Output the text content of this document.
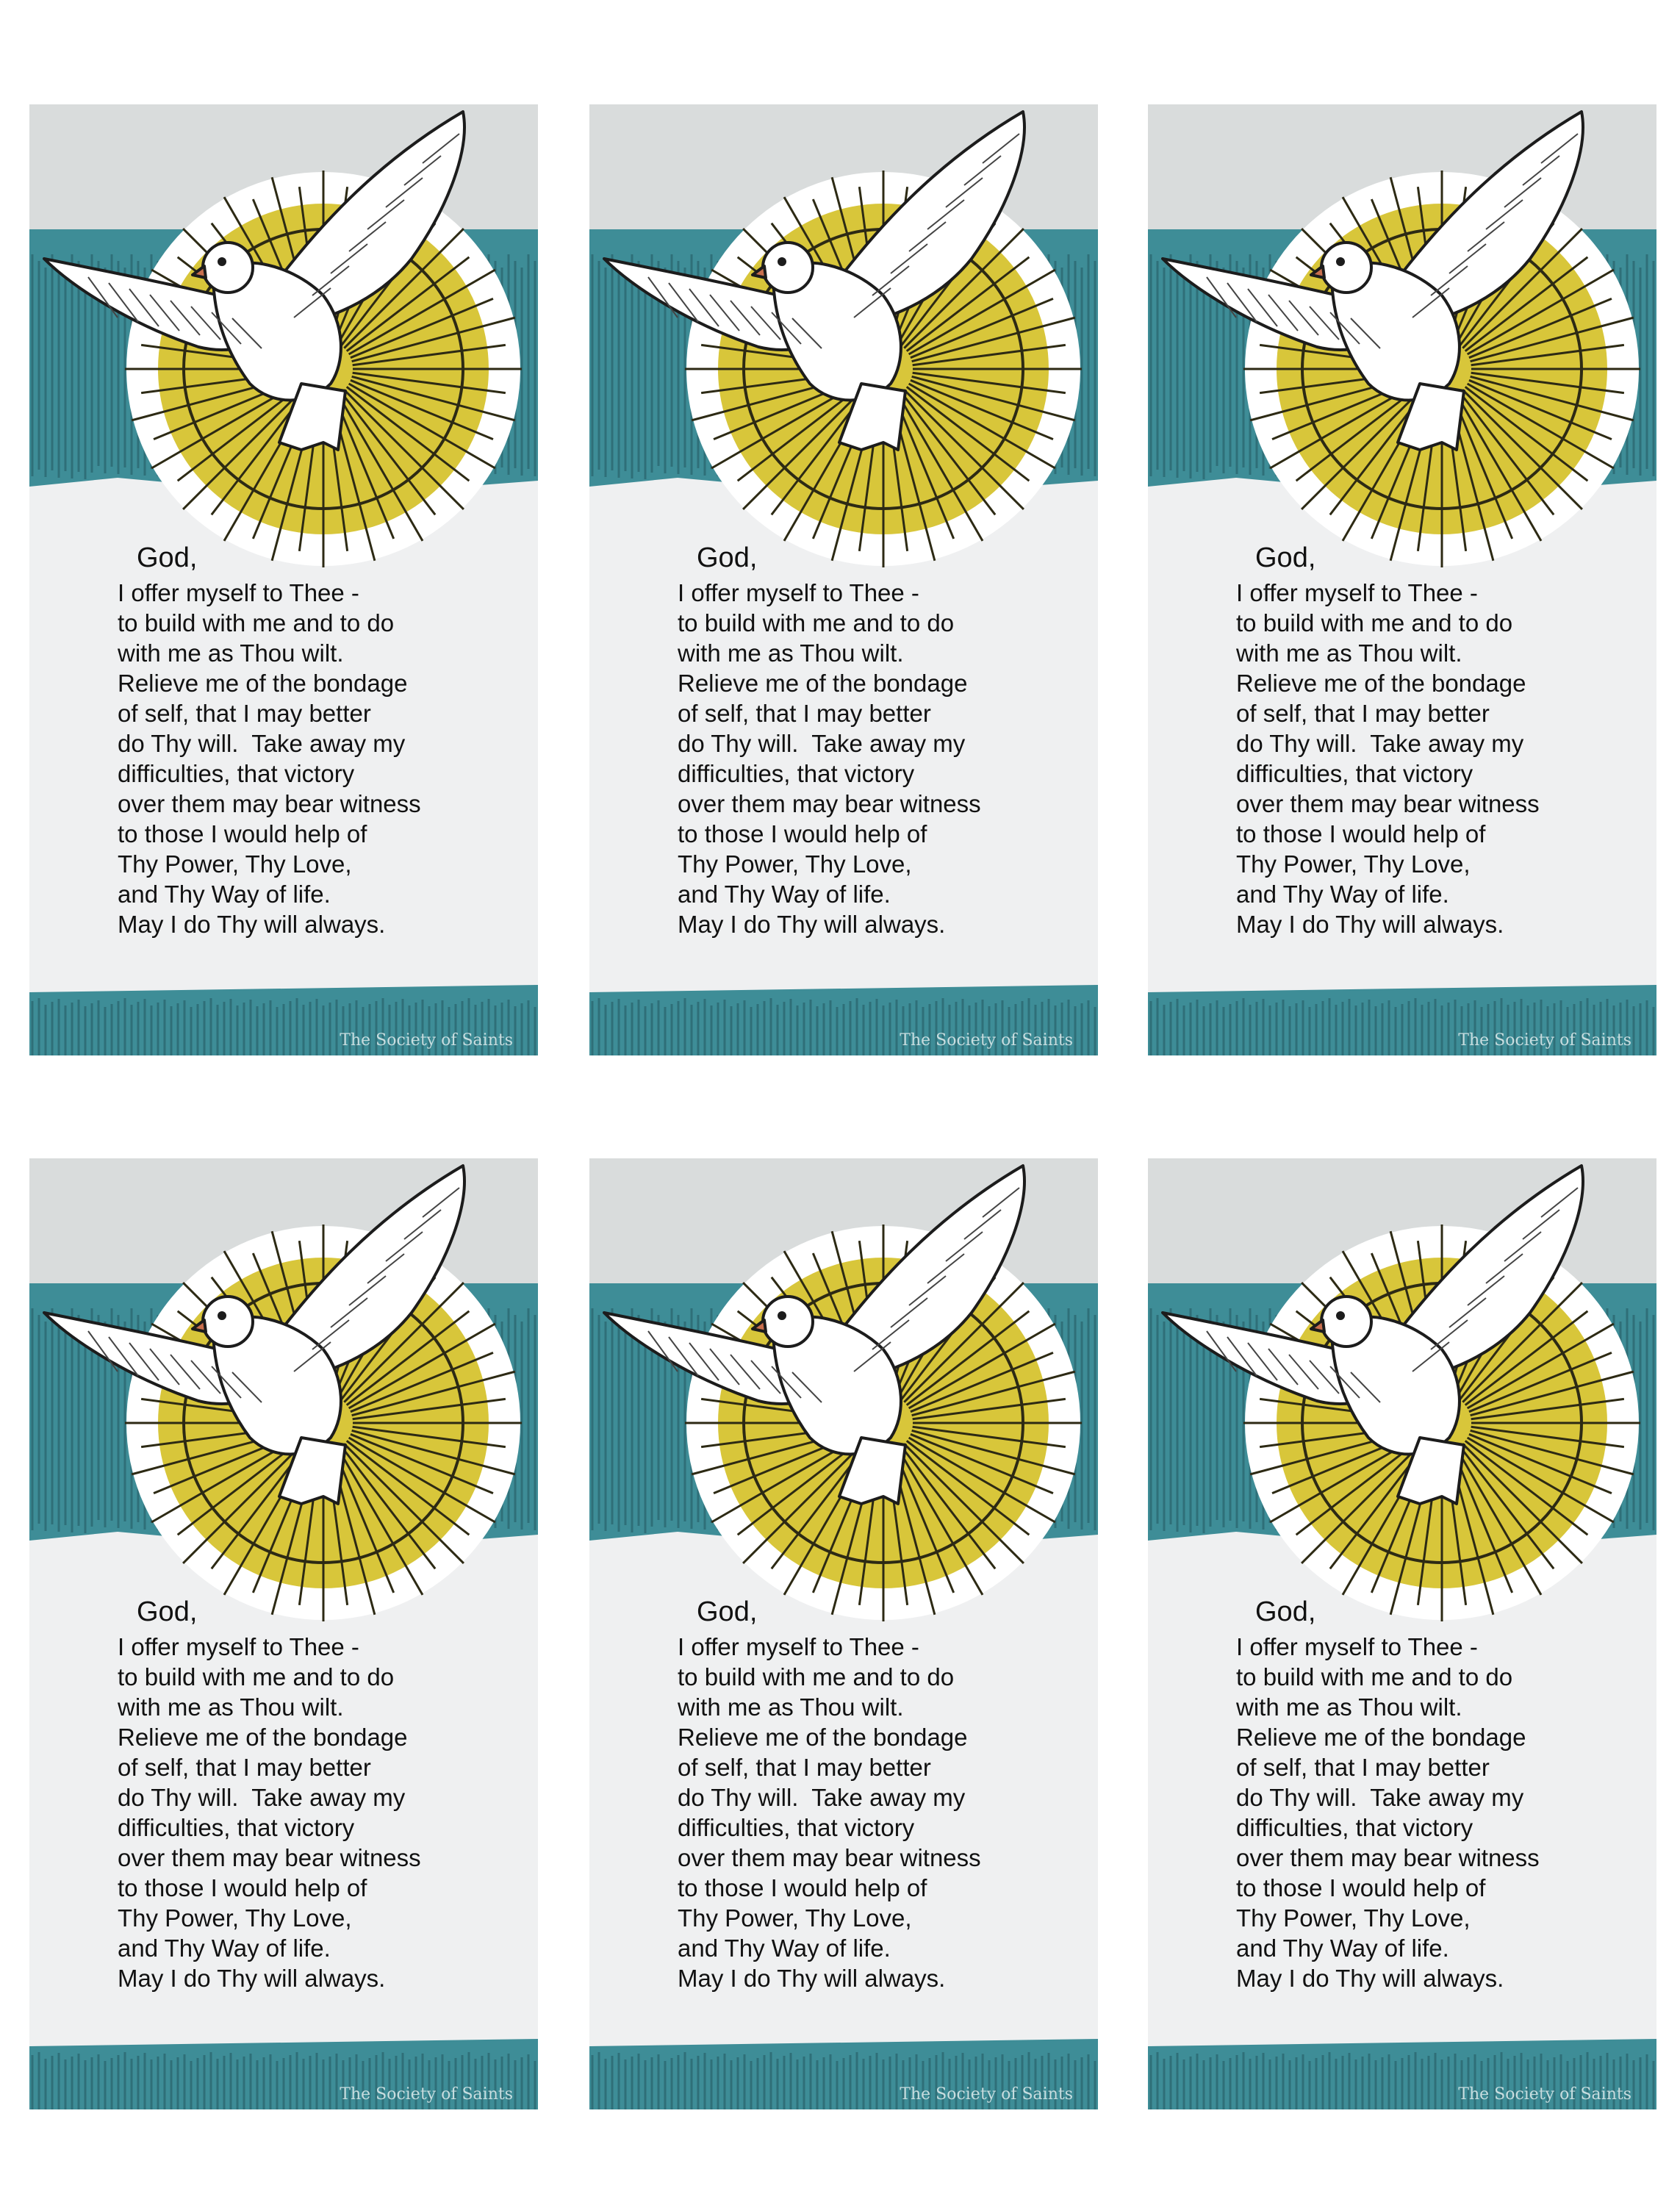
God,
I offer myself to Thee -
to build with me and to do
with me as Thou wilt.
Relieve me of the bondage
of self, that I may better
do Thy will.  Take away my
difficulties, that victory
over them may bear witness
to those I would help of
Thy Power, Thy Love,
and Thy Way of life.
May I do Thy will always.
The Society of Saints
God,
I offer myself to Thee -
to build with me and to do
with me as Thou wilt.
Relieve me of the bondage
of self, that I may better
do Thy will.  Take away my
difficulties, that victory
over them may bear witness
to those I would help of
Thy Power, Thy Love,
and Thy Way of life.
May I do Thy will always.
The Society of Saints
God,
I offer myself to Thee -
to build with me and to do
with me as Thou wilt.
Relieve me of the bondage
of self, that I may better
do Thy will.  Take away my
difficulties, that victory
over them may bear witness
to those I would help of
Thy Power, Thy Love,
and Thy Way of life.
May I do Thy will always.
The Society of Saints
God,
I offer myself to Thee -
to build with me and to do
with me as Thou wilt.
Relieve me of the bondage
of self, that I may better
do Thy will.  Take away my
difficulties, that victory
over them may bear witness
to those I would help of
Thy Power, Thy Love,
and Thy Way of life.
May I do Thy will always.
The Society of Saints
God,
I offer myself to Thee -
to build with me and to do
with me as Thou wilt.
Relieve me of the bondage
of self, that I may better
do Thy will.  Take away my
difficulties, that victory
over them may bear witness
to those I would help of
Thy Power, Thy Love,
and Thy Way of life.
May I do Thy will always.
The Society of Saints
God,
I offer myself to Thee -
to build with me and to do
with me as Thou wilt.
Relieve me of the bondage
of self, that I may better
do Thy will.  Take away my
difficulties, that victory
over them may bear witness
to those I would help of
Thy Power, Thy Love,
and Thy Way of life.
May I do Thy will always.
The Society of Saints
